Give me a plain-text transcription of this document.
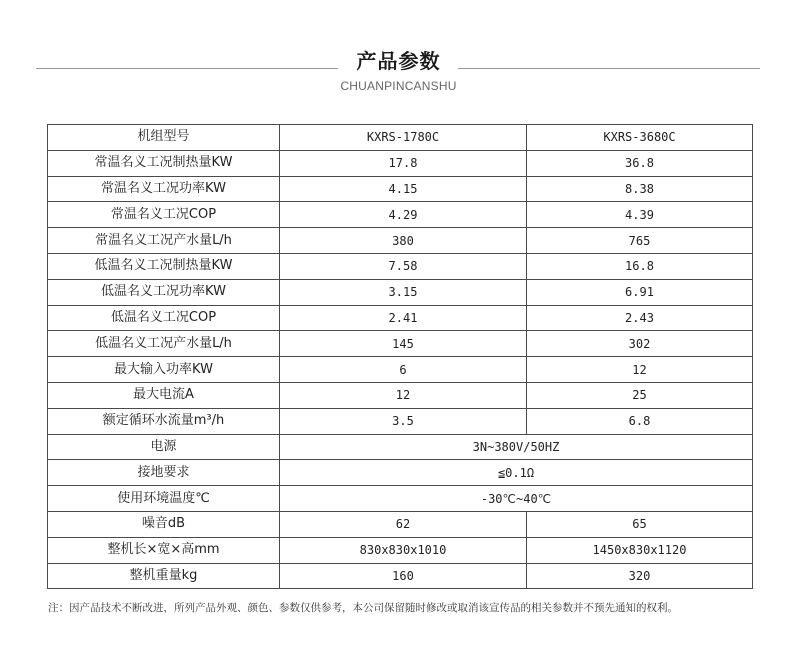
产品参数
CHUANPINCANSHU
机组型号	KXRS-1780C	KXRS-3680C
常温名义工况制热量KW	17.8	36.8
常温名义工况功率KW	4.15	8.38
常温名义工况COP	4.29	4.39
常温名义工况产水量L/h	380	765
低温名义工况制热量KW	7.58	16.8
低温名义工况功率KW	3.15	6.91
低温名义工况COP	2.41	2.43
低温名义工况产水量L/h	145	302
最大输入功率KW	6	12
最大电流A	12	25
额定循环水流量m³/h	3.5	6.8
电源	3N~380V/50HZ	
接地要求	≦0.1Ω	
使用环境温度℃	-30℃~40℃	
噪音dB	62	65
整机长×宽×高mm	830x830x1010	1450x830x1120
整机重量kg	160	320
注：因产品技术不断改进，所列产品外观、颜色、参数仅供参考，本公司保留随时修改或取消该宣传品的相关参数并不预先通知的权利。
